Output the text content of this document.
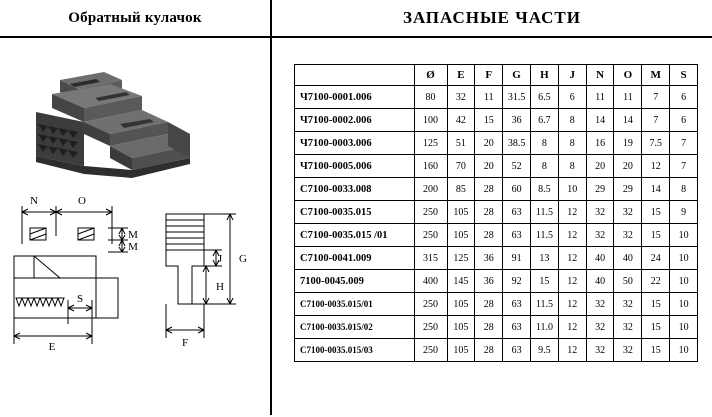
Обратный кулачок
N	O
M
M
S
E	F
G
H
J
ЗАПАСНЫЕ ЧАСТИ
	Ø	E	F	G	H	J	N	O	M	S
Ч7100-0001.006	80	32	11	31.5	6.5	6	11	11	7	6
Ч7100-0002.006	100	42	15	36	6.7	8	14	14	7	6
Ч7100-0003.006	125	51	20	38.5	8	8	16	19	7.5	7
Ч7100-0005.006	160	70	20	52	8	8	20	20	12	7
С7100-0033.008	200	85	28	60	8.5	10	29	29	14	8
С7100-0035.015	250	105	28	63	11.5	12	32	32	15	9
С7100-0035.015 /01	250	105	28	63	11.5	12	32	32	15	10
С7100-0041.009	315	125	36	91	13	12	40	40	24	10
7100-0045.009	400	145	36	92	15	12	40	50	22	10
С7100-0035.015/01	250	105	28	63	11.5	12	32	32	15	10
С7100-0035.015/02	250	105	28	63	11.0	12	32	32	15	10
С7100-0035.015/03	250	105	28	63	9.5	12	32	32	15	10
